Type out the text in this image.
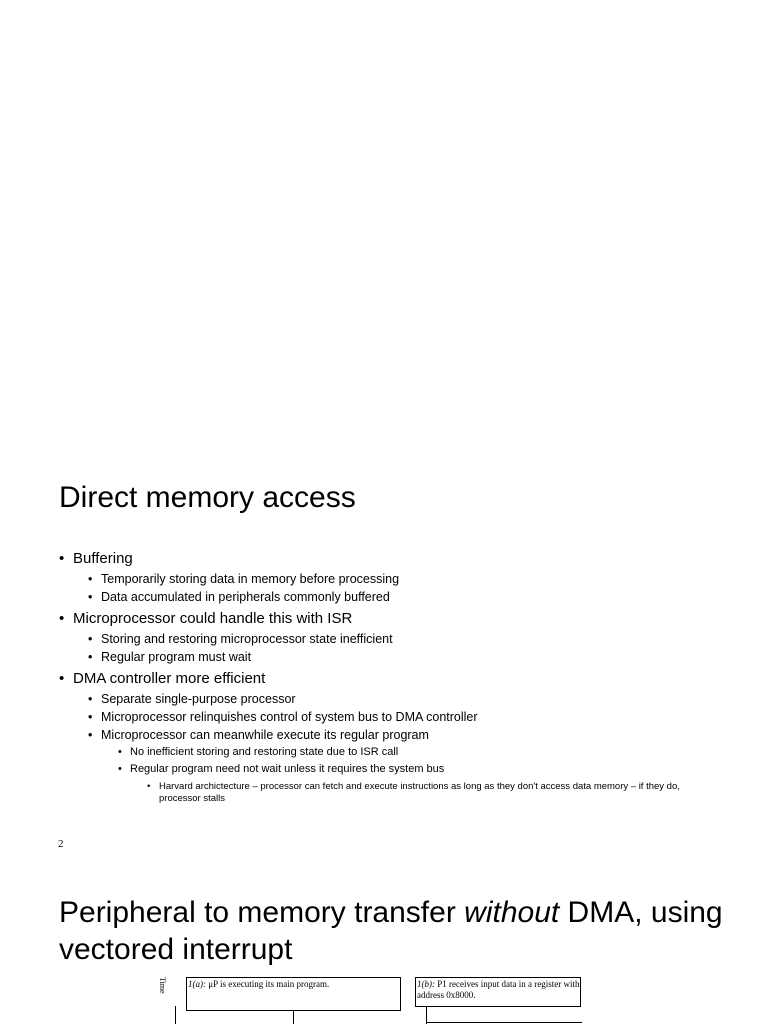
Direct memory access
• Buffering
• Temporarily storing data in memory before processing
• Data accumulated in peripherals commonly buffered
• Microprocessor could handle this with ISR
• Storing and restoring microprocessor state inefficient
• Regular program must wait
• DMA controller more efficient
• Separate single-purpose processor
• Microprocessor relinquishes control of system bus to DMA controller
• Microprocessor can meanwhile execute its regular program
• No inefficient storing and restoring state due to ISR call
• Regular program need not wait unless it requires the system bus
• Harvard archictecture – processor can fetch and execute instructions as long as they don't access data memory – if they do, processor stalls
2
Peripheral to memory transfer without DMA, using vectored interrupt
Time 1(a): μP is executing its main program.	1(b): P1 receives input data in a register with address 0x8000.
